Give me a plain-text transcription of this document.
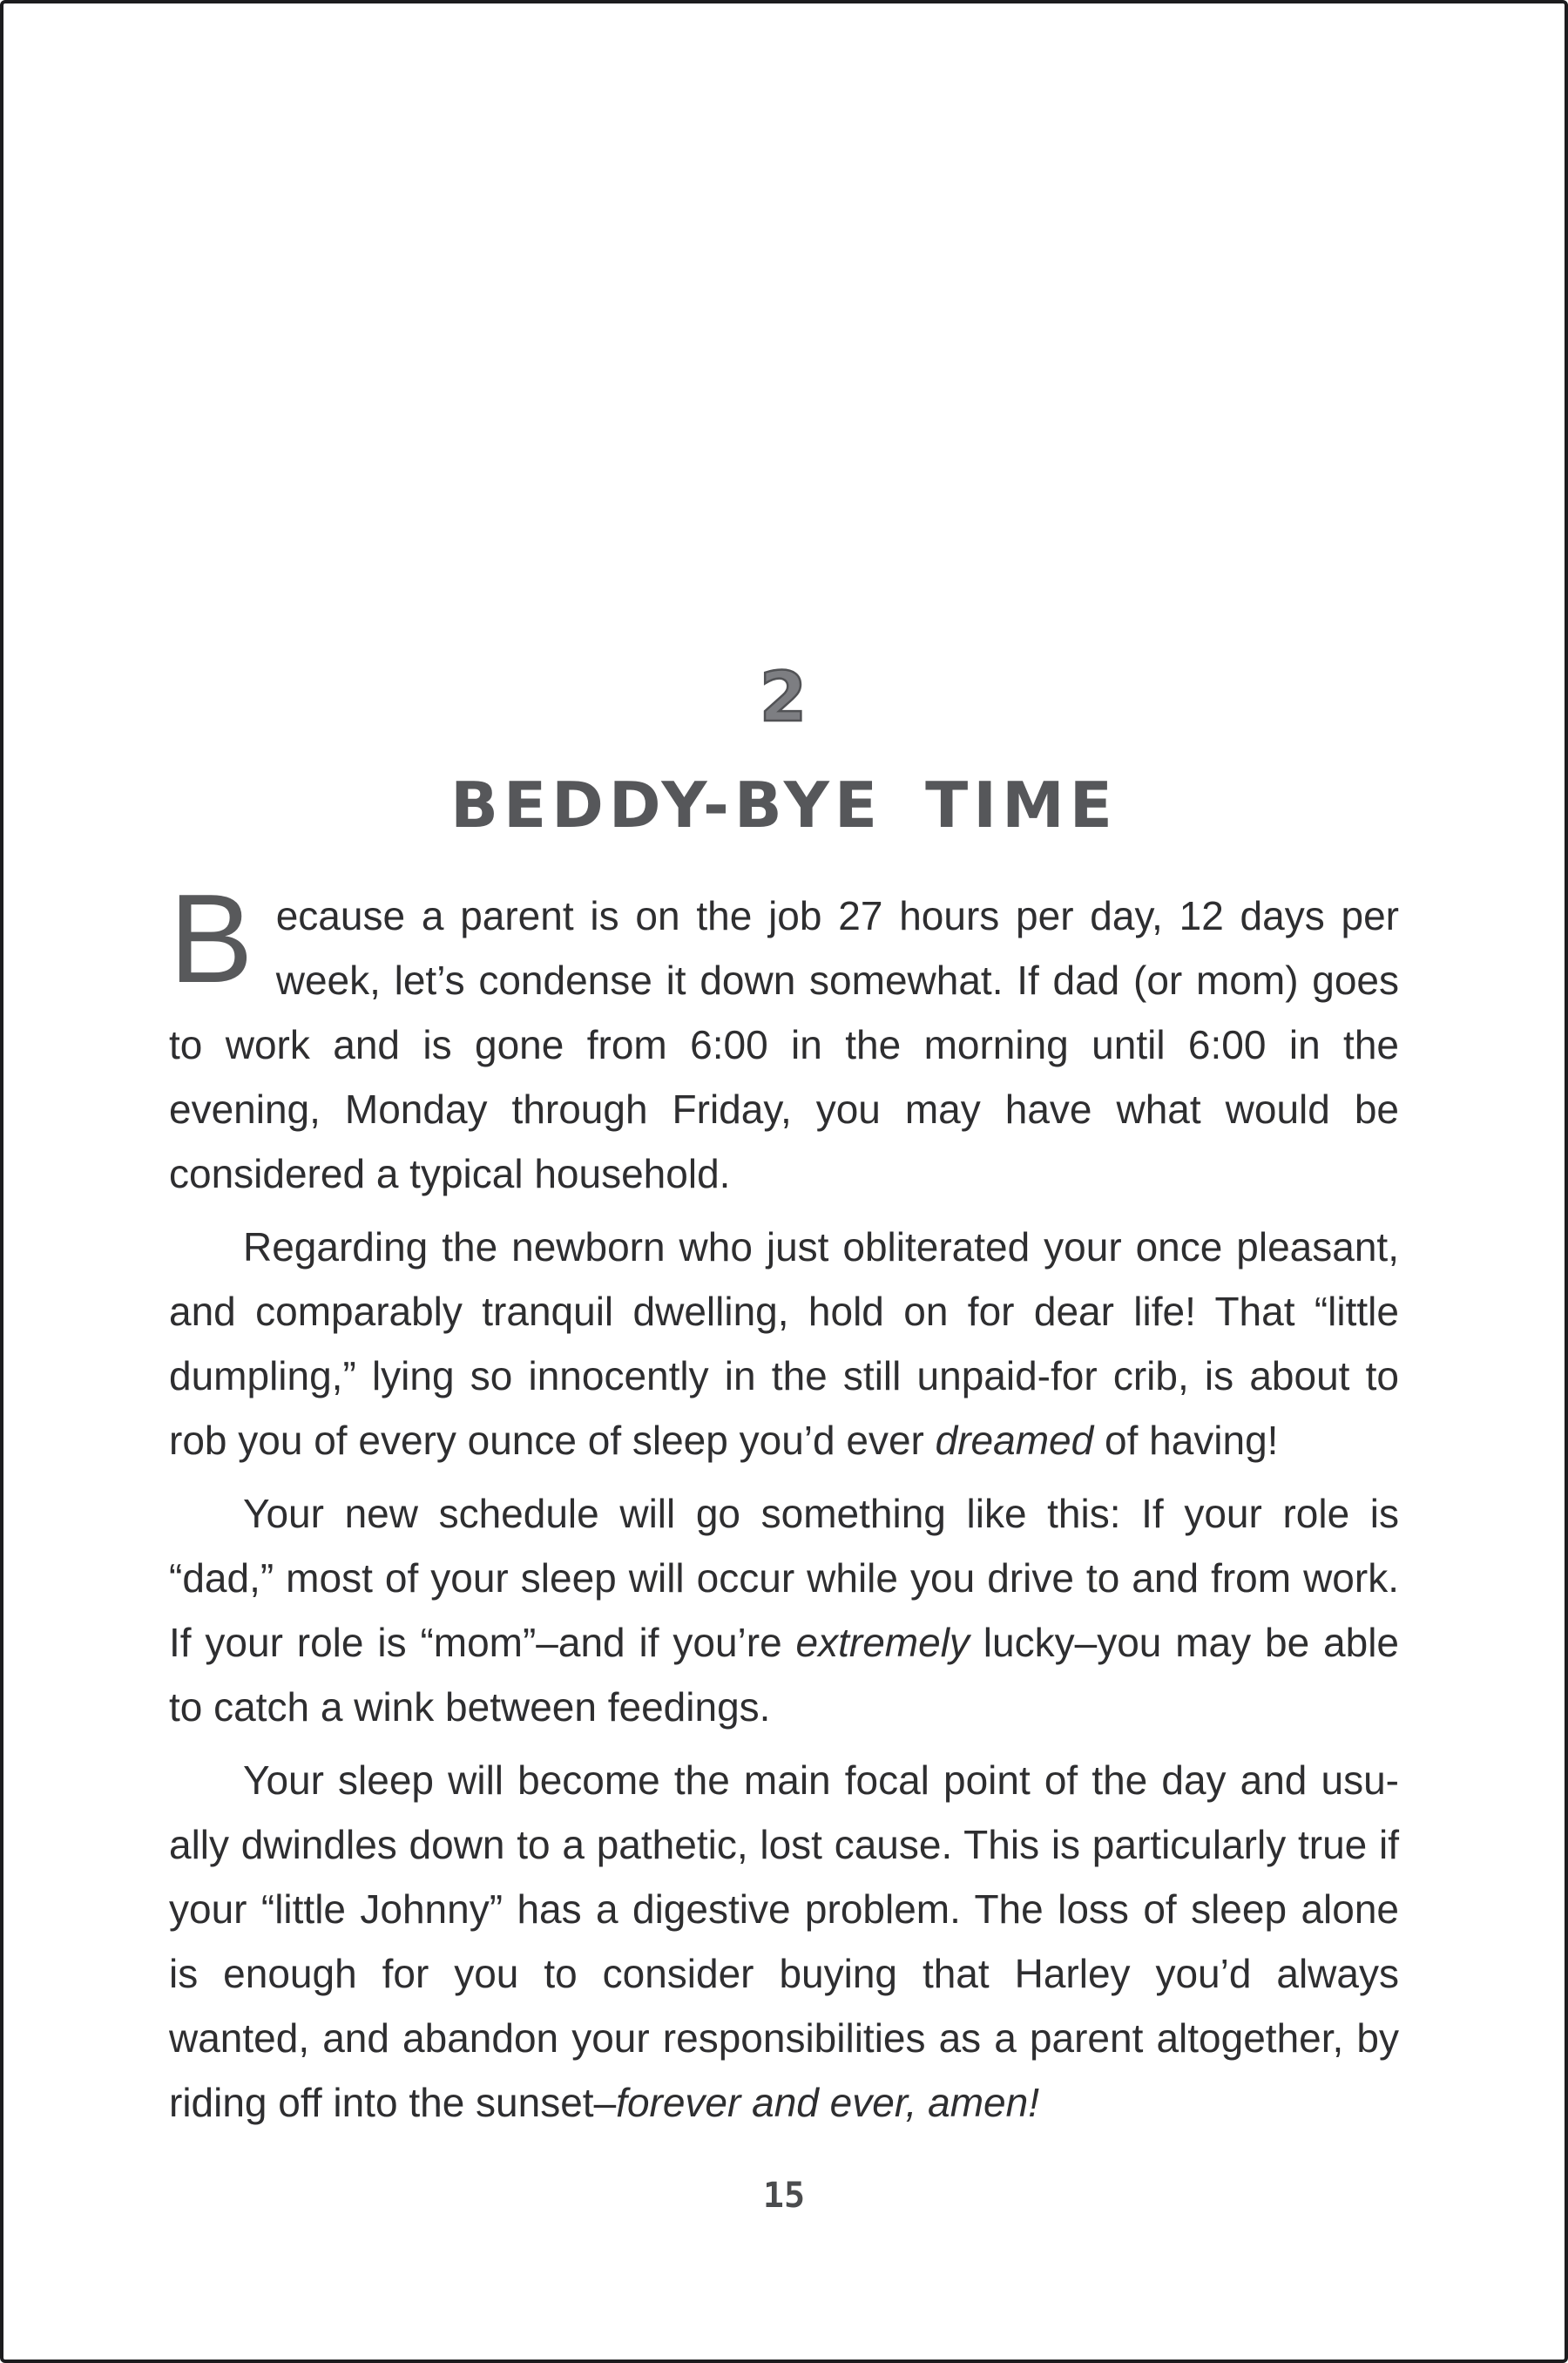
2
BEDDY-BYE TIME

Because a parent is on the job 27 hours per day, 12 days per week, let’s condense it down somewhat. If dad (or mom) goes to work and is gone from 6:00 in the morning until 6:00 in the evening, Monday through Friday, you may have what would be considered a typical household.

Regarding the newborn who just obliterated your once pleasant, and comparably tranquil dwelling, hold on for dear life! That “little dumpling,” lying so innocently in the still unpaid-for crib, is about to rob you of every ounce of sleep you’d ever dreamed of having!

Your new schedule will go something like this: If your role is “dad,” most of your sleep will occur while you drive to and from work. If your role is “mom”–and if you’re extremely lucky–you may be able to catch a wink between feedings.

Your sleep will become the main focal point of the day and usually dwindles down to a pathetic, lost cause. This is particularly true if your “little Johnny” has a digestive problem. The loss of sleep alone is enough for you to consider buying that Harley you’d always wanted, and abandon your responsibilities as a parent altogether, by riding off into the sunset–forever and ever, amen!

15
